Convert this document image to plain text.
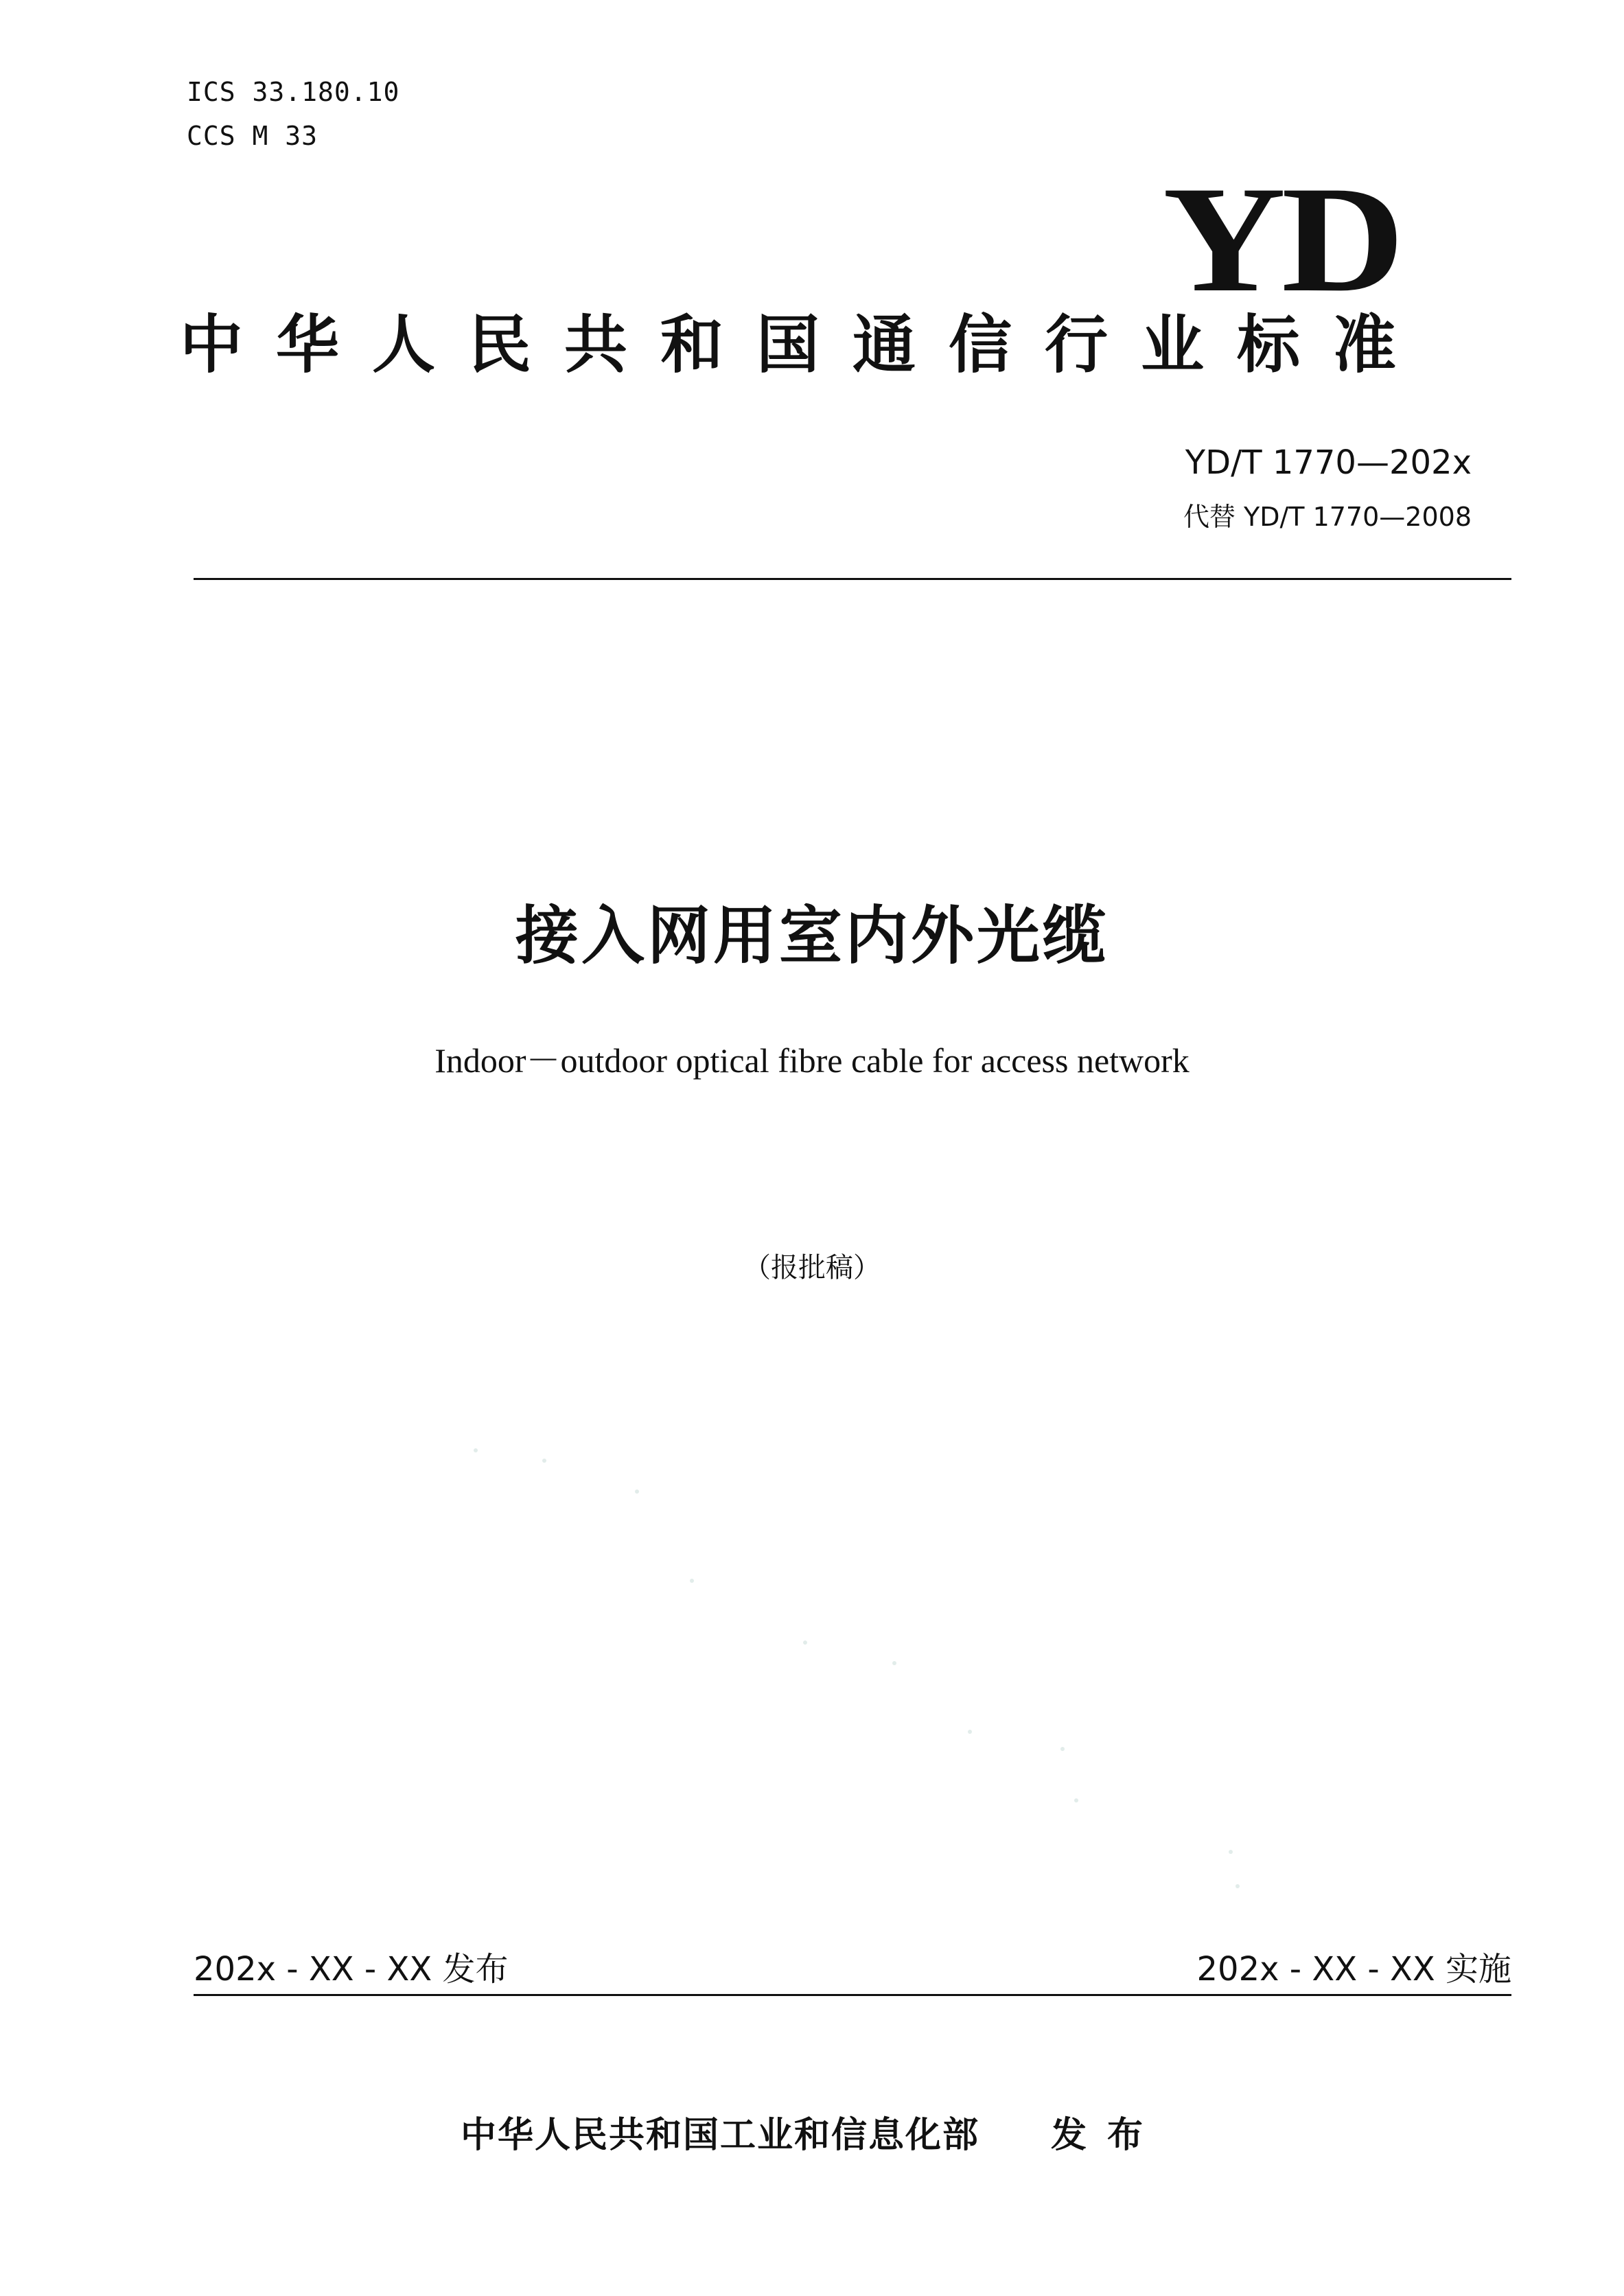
ICS 33.180.10
CCS M 33
YD
中华人民共和国通信行业标准
YD/T 1770—202x
代替 YD/T 1770—2008
接入网用室内外光缆
Indoor－outdoor optical fibre cable for access network
（报批稿）
202x - XX - XX 发布	202x - XX - XX 实施
中华人民共和国工业和信息化部 发布
